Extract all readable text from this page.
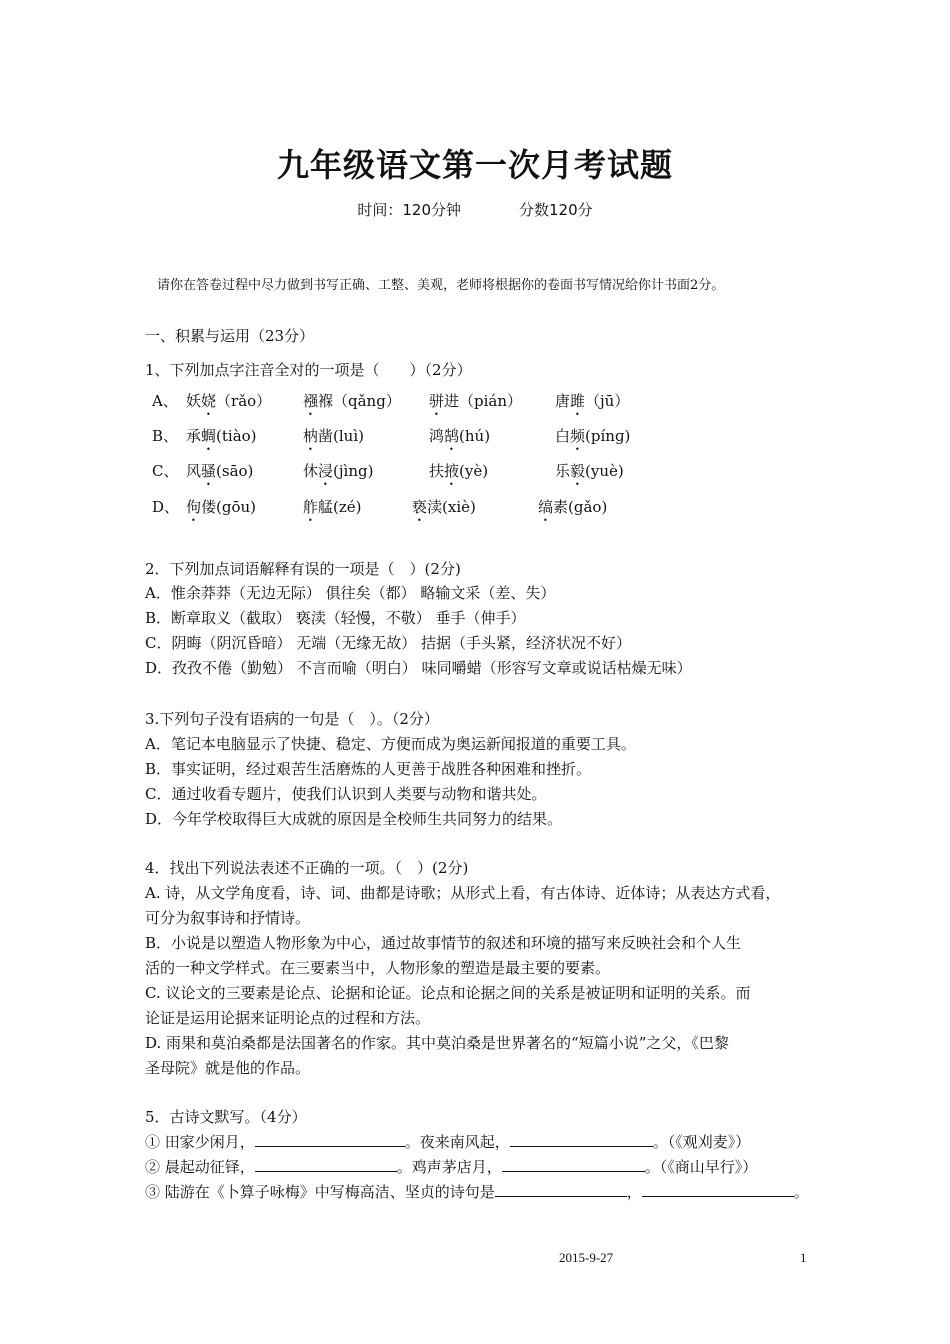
九年级语文第一次月考试题
时间：120分钟	分数120分
请你在答卷过程中尽力做到书写正确、工整、美观，老师将根据你的卷面书写情况给你计书面2分。
一、积累与运用（23分）
1、下列加点字注音全对的一项是（　　）（2分）
A、 妖娆（rǎo） 襁褓（qǎng） 骈进（pián） 唐雎（jū）
B、 承蜩(tiào)	枘凿(luì)	鸿鹄(hú)	白频(pínɡ)
C、 风骚(sāo)	休浸(jìng)	扶掖(yè)	乐毅(yuè)
D、 佝偻(gōu)	舴艋(zé)	亵渎(xiè)	缟素(gǎo)
2．下列加点词语解释有误的一项是（　）(2分)
A．惟余莽莽（无边无际） 俱往矣（都） 略输文采（差、失）
B．断章取义（截取） 亵渎（轻慢，不敬） 垂手（伸手）
C．阴晦（阴沉昏暗） 无端（无缘无故） 拮据（手头紧，经济状况不好）
D．孜孜不倦（勤勉） 不言而喻（明白） 味同嚼蜡（形容写文章或说话枯燥无味）
3.下列句子没有语病的一句是（　）。（2分）
A．笔记本电脑显示了快捷、稳定、方便而成为奥运新闻报道的重要工具。
B．事实证明，经过艰苦生活磨炼的人更善于战胜各种困难和挫折。
C．通过收看专题片，使我们认识到人类要与动物和谐共处。
D．今年学校取得巨大成就的原因是全校师生共同努力的结果。
4．找出下列说法表述不正确的一项。（　）(2分)
A. 诗，从文学角度看，诗、词、曲都是诗歌；从形式上看，有古体诗、近体诗；从表达方式看，
可分为叙事诗和抒情诗。
B．小说是以塑造人物形象为中心，通过故事情节的叙述和环境的描写来反映社会和个人生
活的一种文学样式。在三要素当中，人物形象的塑造是最主要的要素。
C. 议论文的三要素是论点、论据和论证。论点和论据之间的关系是被证明和证明的关系。而
论证是运用论据来证明论点的过程和方法。
D. 雨果和莫泊桑都是法国著名的作家。其中莫泊桑是世界著名的“短篇小说”之父，《巴黎
圣母院》就是他的作品。
5．古诗文默写。（4分）
① 田家少闲月，	。夜来南风起，	。（《观刈麦》）
② 晨起动征铎，	。鸡声茅店月，	。（《商山早行》）
③ 陆游在《卜算子咏梅》中写梅高洁、坚贞的诗句是	，	。
2015-9-27	1
